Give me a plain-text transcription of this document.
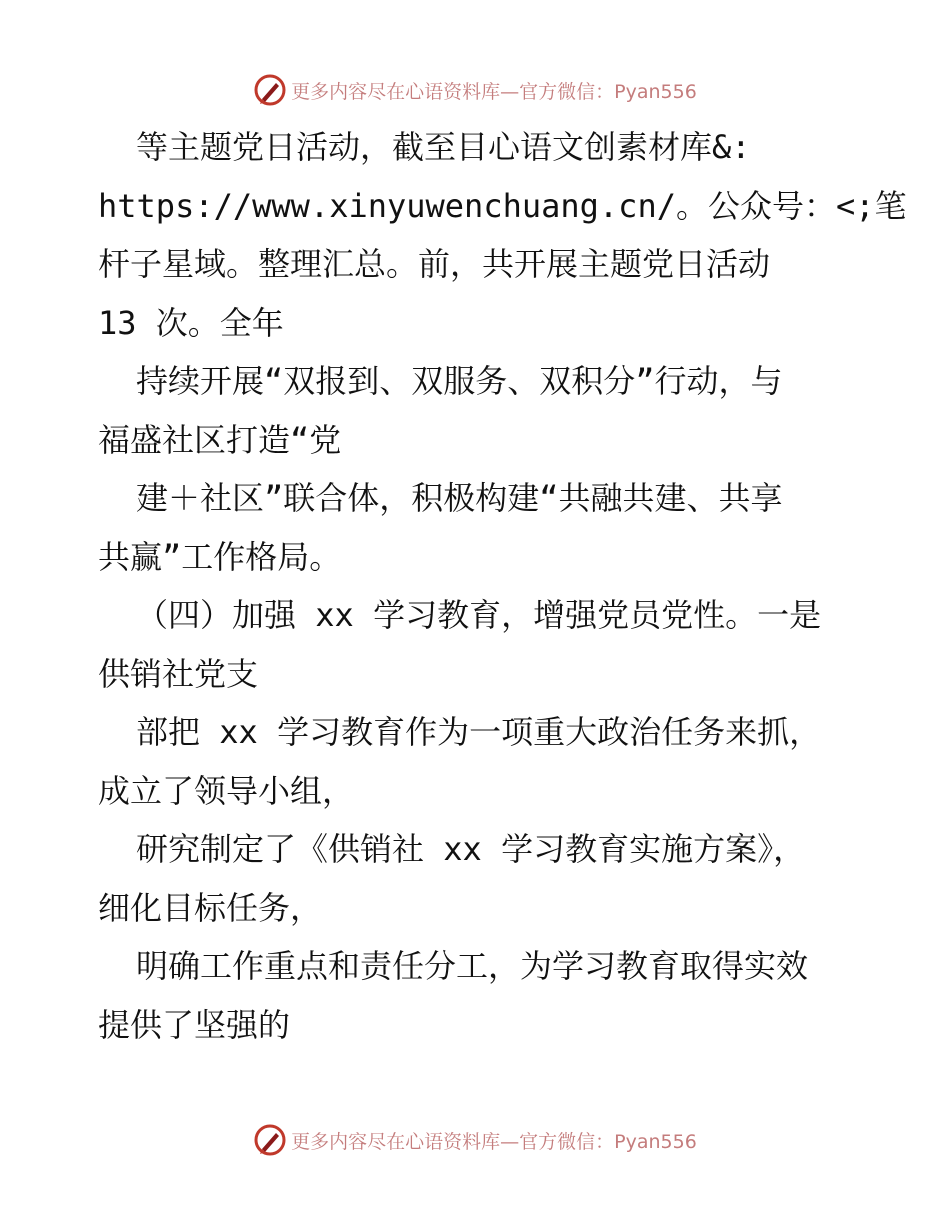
更多内容尽在心语资料库— 官方微信：Pyan556
等主题党日活动，截至目心语文创素材库&:
https://www.xinyuwenchuang.cn/。公众号：<;笔
杆子星域。整理汇总。前，共开展主题党日活动
13 次。全年
持续开展“双报到、双服务、双积分”行动，与
福盛社区打造“党
建＋社区”联合体，积极构建“共融共建、共享
共赢”工作格局。
（四）加强 xx 学习教育，增强党员党性。一是
供销社党支
部把 xx 学习教育作为一项重大政治任务来抓，
成立了领导小组，
研究制定了《供销社 xx 学习教育实施方案》，
细化目标任务，
明确工作重点和责任分工，为学习教育取得实效
提供了坚强的
更多内容尽在心语资料库— 官方微信：Pyan556
